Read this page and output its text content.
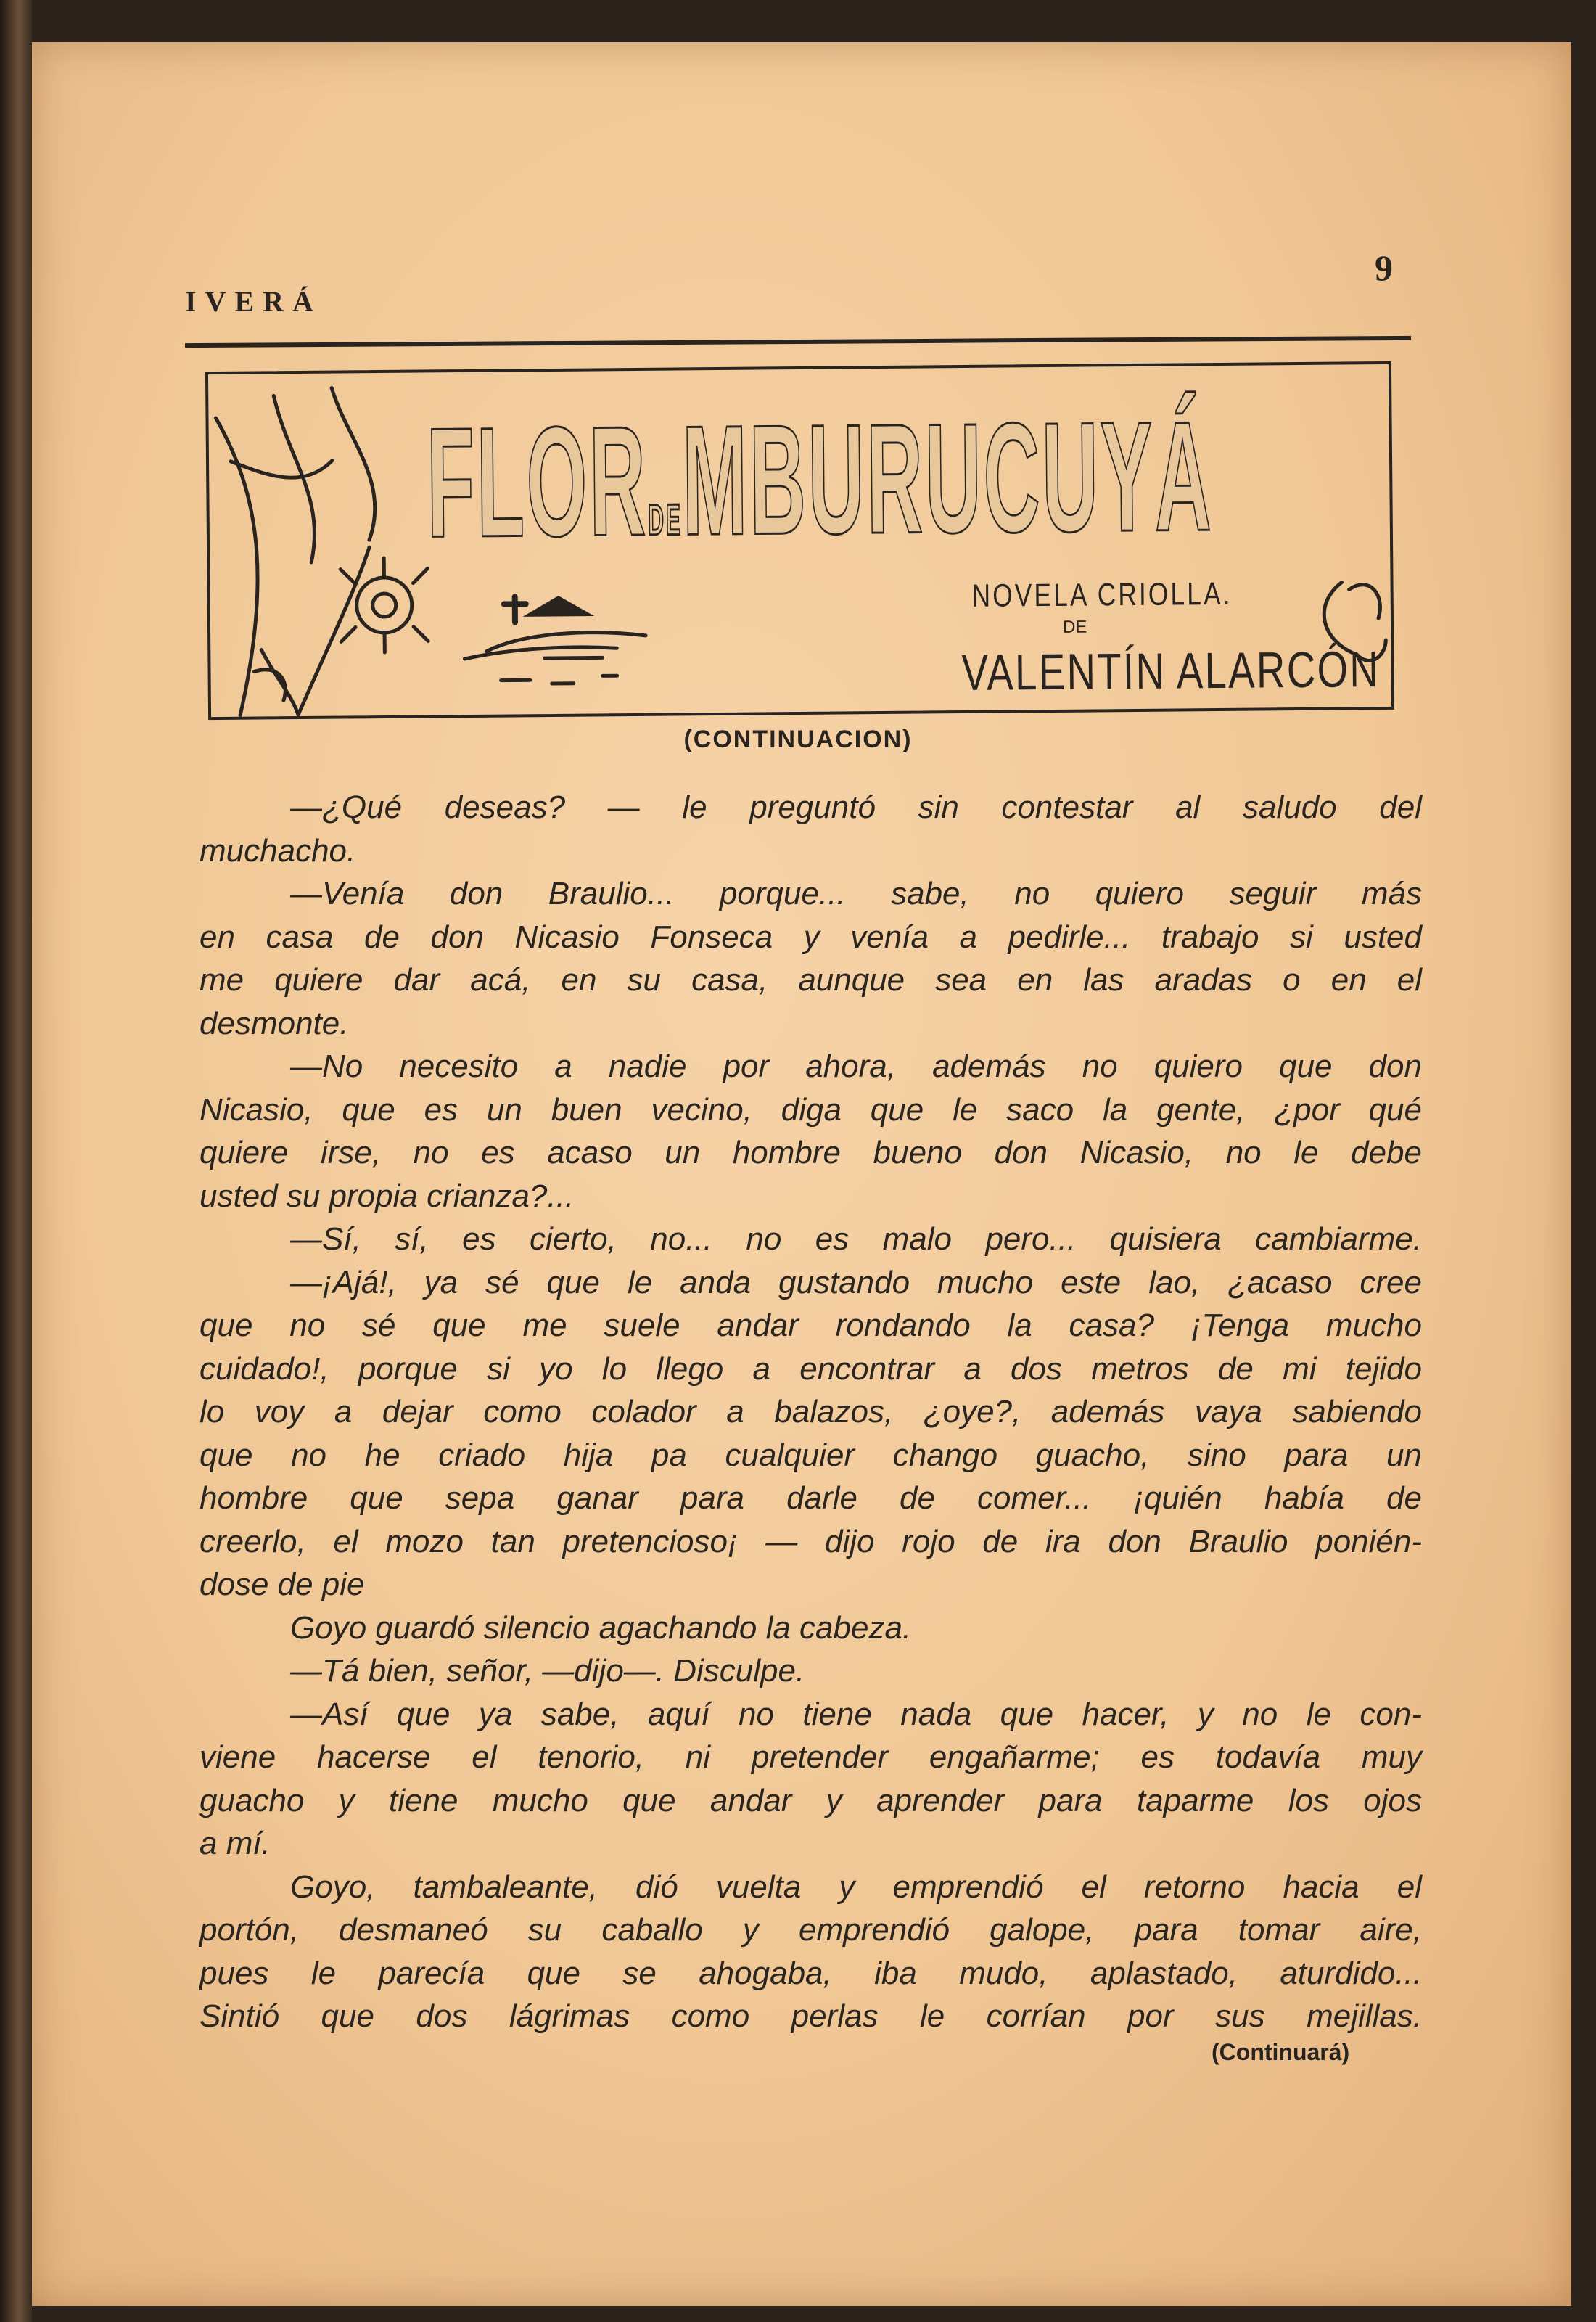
IVERÁ
9
FLORDEMBURUCUYÁ
NOVELA CRIOLLA.
DE
VALENTÍN ALARCÓN
(CONTINUACION)
—¿Qué deseas? — le preguntó sin contestar al saludo del
muchacho.
—Venía don Braulio... porque... sabe, no quiero seguir más
en casa de don Nicasio Fonseca y venía a pedirle... trabajo si usted
me quiere dar acá, en su casa, aunque sea en las aradas o en el
desmonte.
—No necesito a nadie por ahora, además no quiero que don
Nicasio, que es un buen vecino, diga que le saco la gente, ¿por qué
quiere irse, no es acaso un hombre bueno don Nicasio, no le debe
usted su propia crianza?...
—Sí, sí, es cierto, no... no es malo pero... quisiera cambiarme.
—¡Ajá!, ya sé que le anda gustando mucho este lao, ¿acaso cree
que no sé que me suele andar rondando la casa? ¡Tenga mucho
cuidado!, porque si yo lo llego a encontrar a dos metros de mi tejido
lo voy a dejar como colador a balazos, ¿oye?, además vaya sabiendo
que no he criado hija pa cualquier chango guacho, sino para un
hombre que sepa ganar para darle de comer... ¡quién había de
creerlo, el mozo tan pretencioso¡ — dijo rojo de ira don Braulio ponién-
dose de pie
Goyo guardó silencio agachando la cabeza.
—Tá bien, señor, —dijo—. Disculpe.
—Así que ya sabe, aquí no tiene nada que hacer, y no le con-
viene hacerse el tenorio, ni pretender engañarme; es todavía muy
guacho y tiene mucho que andar y aprender para taparme los ojos
a mí.
Goyo, tambaleante, dió vuelta y emprendió el retorno hacia el
portón, desmaneó su caballo y emprendió galope, para tomar aire,
pues le parecía que se ahogaba, iba mudo, aplastado, aturdido...
Sintió que dos lágrimas como perlas le corrían por sus mejillas.
(Continuará)
